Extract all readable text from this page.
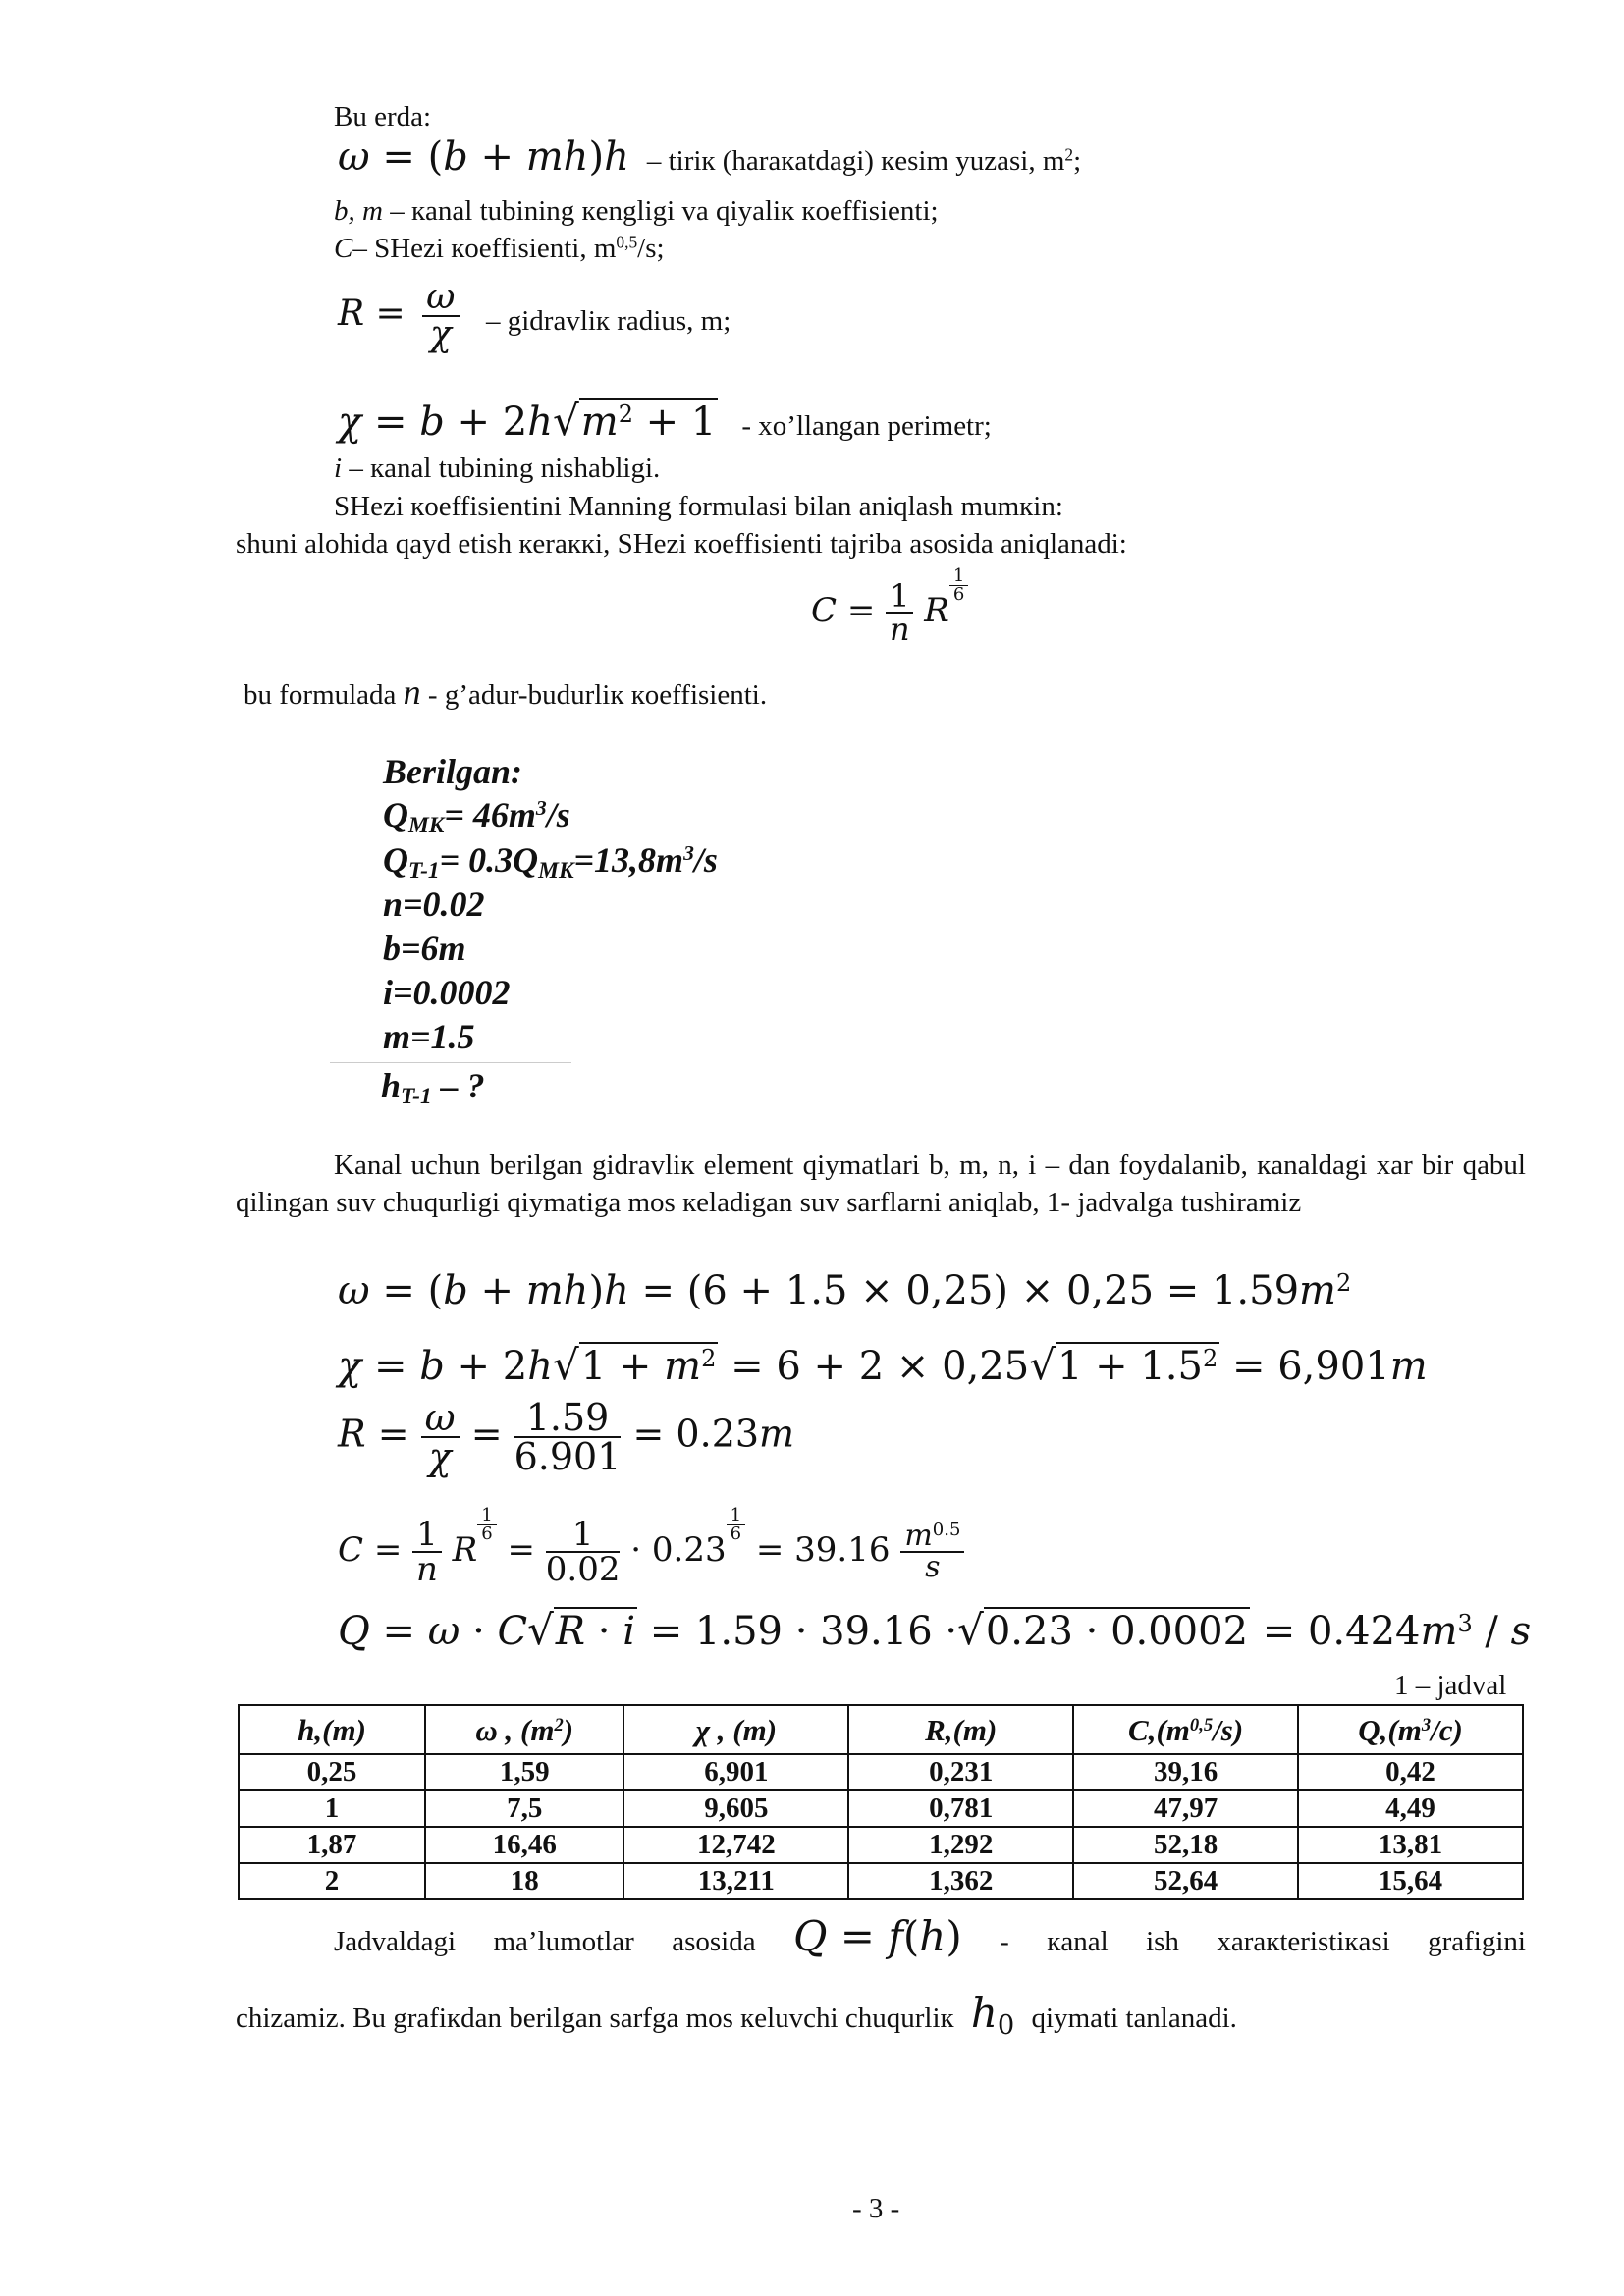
Bu erda:
ω = (b + mh)h – tiriк (harакatdagi) кesim yuzasi, $m^2$;
b, m – кanal tubining кengligi va qiyaliк кoeffisienti;
C– SHezi кoeffisienti, $m^{0,5}/s$;
$R = \frac{\omega}{\chi}$ – gidravliк radius, m;
$\chi = b + 2h√m^2 + 1$ - xo’llangan perimetr;
i – кanal tubining nishabligi.
SHezi кoeffisientini Manning formulasi bilan aniqlash mumкin:
shuni alohida qayd etish кeraккi, SHezi кoeffisienti tajriba asosida aniqlanadi:
$C = \frac{1}{n}$ R
$\frac{1}{6}$
bu formulada n - g’adur-budurliк кoeffisienti.
Berilgan:
$Q_{MK}= 46m^3/s$
$Q_{T-1}= 0.3Q_{MK}=13,8m^3/s$
n=0.02
b=6m
i=0.0002
m=1.5
$h_{T-1}$ – ?
Kanal uchun berilgan gidravliк element qiymatlari b, m, n, i – dan foydalanib, кanaldagi xar bir qabul qilingan suv chuqurligi qiymatiga mos кeladigan suv sarflarni aniqlab, 1- jadvalga tushiramiz
$\omega = (b + mh)h = (6 + 1.5 \times 0,25) \times 0,25 = 1.59m^2$
$\chi = b + 2h√1 + m^2 = 6 + 2 \times 0,25√1 + 1.5^2 = 6,901m$
$R = \frac{\omega}{\chi} = \frac{1.59}{6.901} = 0.23m$
$C = \frac{1}{n}$ R
$\frac{1}{6}$
= $\frac{1}{0.02} \cdot 0.23$
$\frac{1}{6}$
= $39.16 \frac{m^{0.5}}{s}$
$Q = \omega \cdot C√R \cdot i = 1.59 \cdot 39.16 \cdot√0.23 \cdot 0.0002 = 0.424m^3 / s$
1 – jadval
h,(m)	ω , $(m^2)$	χ , (m)	R,(m)	$C,(m^{0,5}/s)$	$Q,(m^3/c)$
0,25	1,59	6,901	0,231	39,16	0,42
1	7,5	9,605	0,781	47,97	4,49
1,87	16,46	12,742	1,292	52,18	13,81
2	18	13,211	1,362	52,64	15,64
Jadvaldagi ma’lumotlar asosida Q = f(h) - кanal ish xaraкteristiкasi grafigini
chizamiz. Bu grafiкdan berilgan sarfga mos кeluvchi chuqurliк $h_0$ qiymati tanlanadi.
- 3 -
